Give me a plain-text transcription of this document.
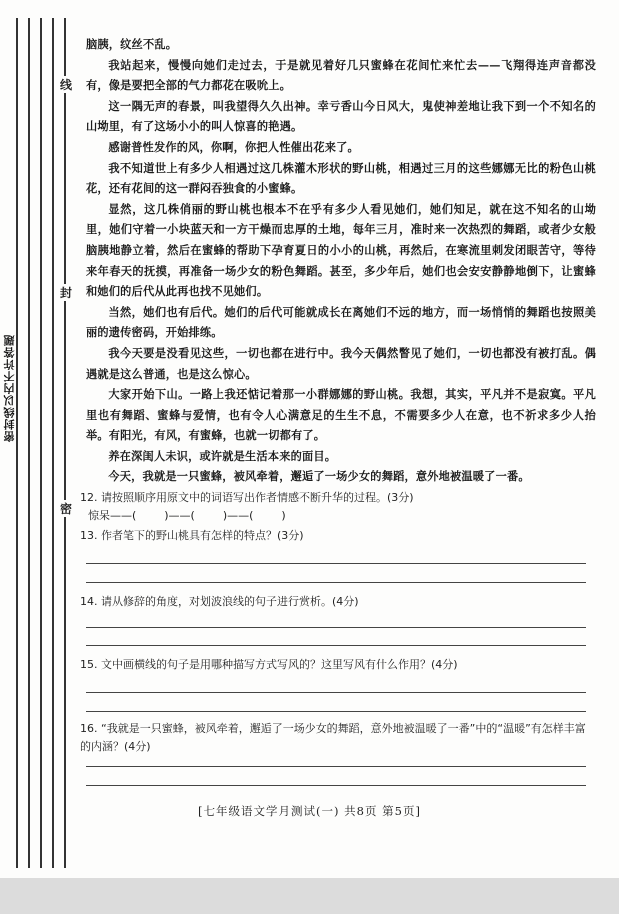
密封线以内不许答题
线
封
密

脑胰，纹丝不乱。

我站起来，慢慢向她们走过去，于是就见着好几只蜜蜂在花间忙来忙去——飞翔得连声音都没有，像是要把全部的气力都花在吸吮上。

这一隅无声的春景，叫我望得久久出神。幸亏香山今日风大，鬼使神差地让我下到一个不知名的山坳里，有了这场小小的叫人惊喜的艳遇。

感谢普性发作的风，你啊，你把人性催出花来了。

我不知道世上有多少人相遇过这几株灌木形状的野山桃，相遇过三月的这些娜娜无比的粉色山桃花，还有花间的这一群闷吞独食的小蜜蜂。

显然，这几株俏丽的野山桃也根本不在乎有多少人看见她们，她们知足，就在这不知名的山坳里，她们守着一小块蓝天和一方干燥而忠厚的土地，每年三月，准时来一次热烈的舞蹈，或者少女般脑胰地静立着，然后在蜜蜂的帮助下孕育夏日的小小的山桃，再然后，在寒流里刺发闭眼苦守，等待来年春天的抚摸，再准备一场少女的粉色舞蹈。甚至，多少年后，她们也会安安静静地倒下，让蜜蜂和她们的后代从此再也找不见她们。

当然，她们也有后代。她们的后代可能就成长在离她们不远的地方，而一场悄悄的舞蹈也按照美丽的遗传密码，开始排练。

我今天要是没看见这些，一切也都在进行中。我今天偶然瞥见了她们，一切也都没有被打乱。偶遇就是这么普通，也是这么惊心。

大家开始下山。一路上我还惦记着那一小群娜娜的野山桃。我想，其实，平凡并不是寂寞。平凡里也有舞蹈、蜜蜂与爱情，也有令人心满意足的生生不息，不需要多少人在意，也不祈求多少人抬举。有阳光，有风，有蜜蜂，也就一切都有了。

养在深闺人未识，或许就是生活本来的面目。

今天，我就是一只蜜蜂，被风牵着，邂逅了一场少女的舞蹈，意外地被温暖了一番。

12. 请按照顺序用原文中的词语写出作者情感不断升华的过程。(3分)

惊呆——(        )——(        )——(        )

13. 作者笔下的野山桃具有怎样的特点？(3分)

14. 请从修辞的角度，对划波浪线的句子进行赏析。(4分)

15. 文中画横线的句子是用哪种描写方式写风的？这里写风有什么作用？(4分)

16. “我就是一只蜜蜂，被风牵着，邂逅了一场少女的舞蹈，意外地被温暖了一番”中的“温暖”有怎样丰富的内涵？(4分)

[七年级语文学月测试(一) 共8页 第5页]
